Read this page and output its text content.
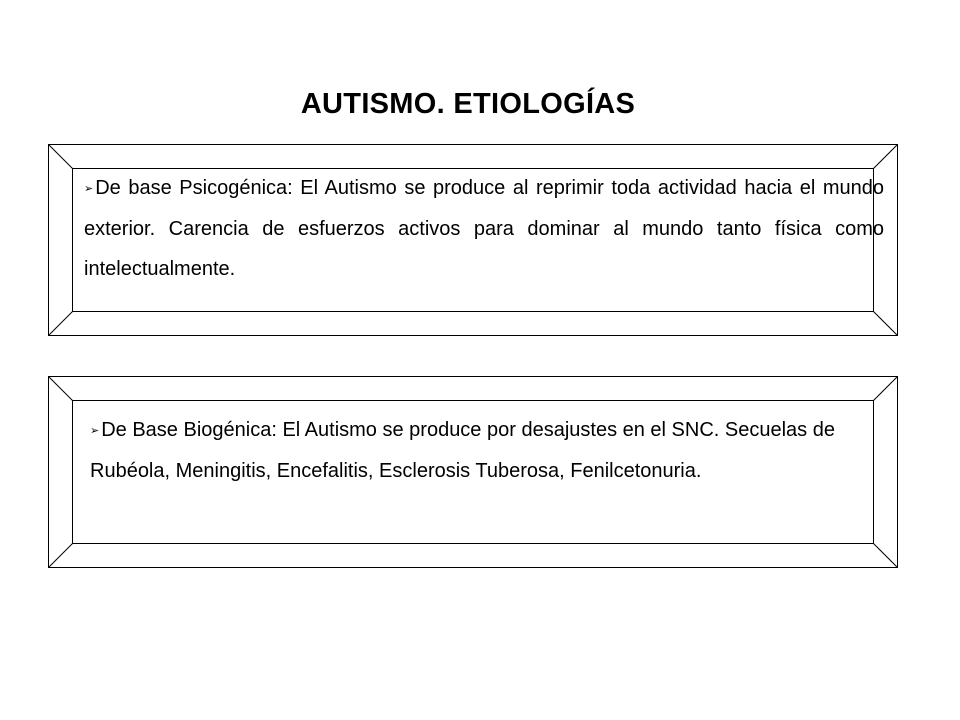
AUTISMO. ETIOLOGÍAS

➢ De base Psicogénica: El Autismo se produce al reprimir toda actividad hacia el mundo exterior. Carencia de esfuerzos activos para dominar al mundo tanto física como intelectualmente.

➢ De Base Biogénica: El Autismo se produce por desajustes en el SNC. Secuelas de Rubéola, Meningitis, Encefalitis, Esclerosis Tuberosa, Fenilcetonuria.
